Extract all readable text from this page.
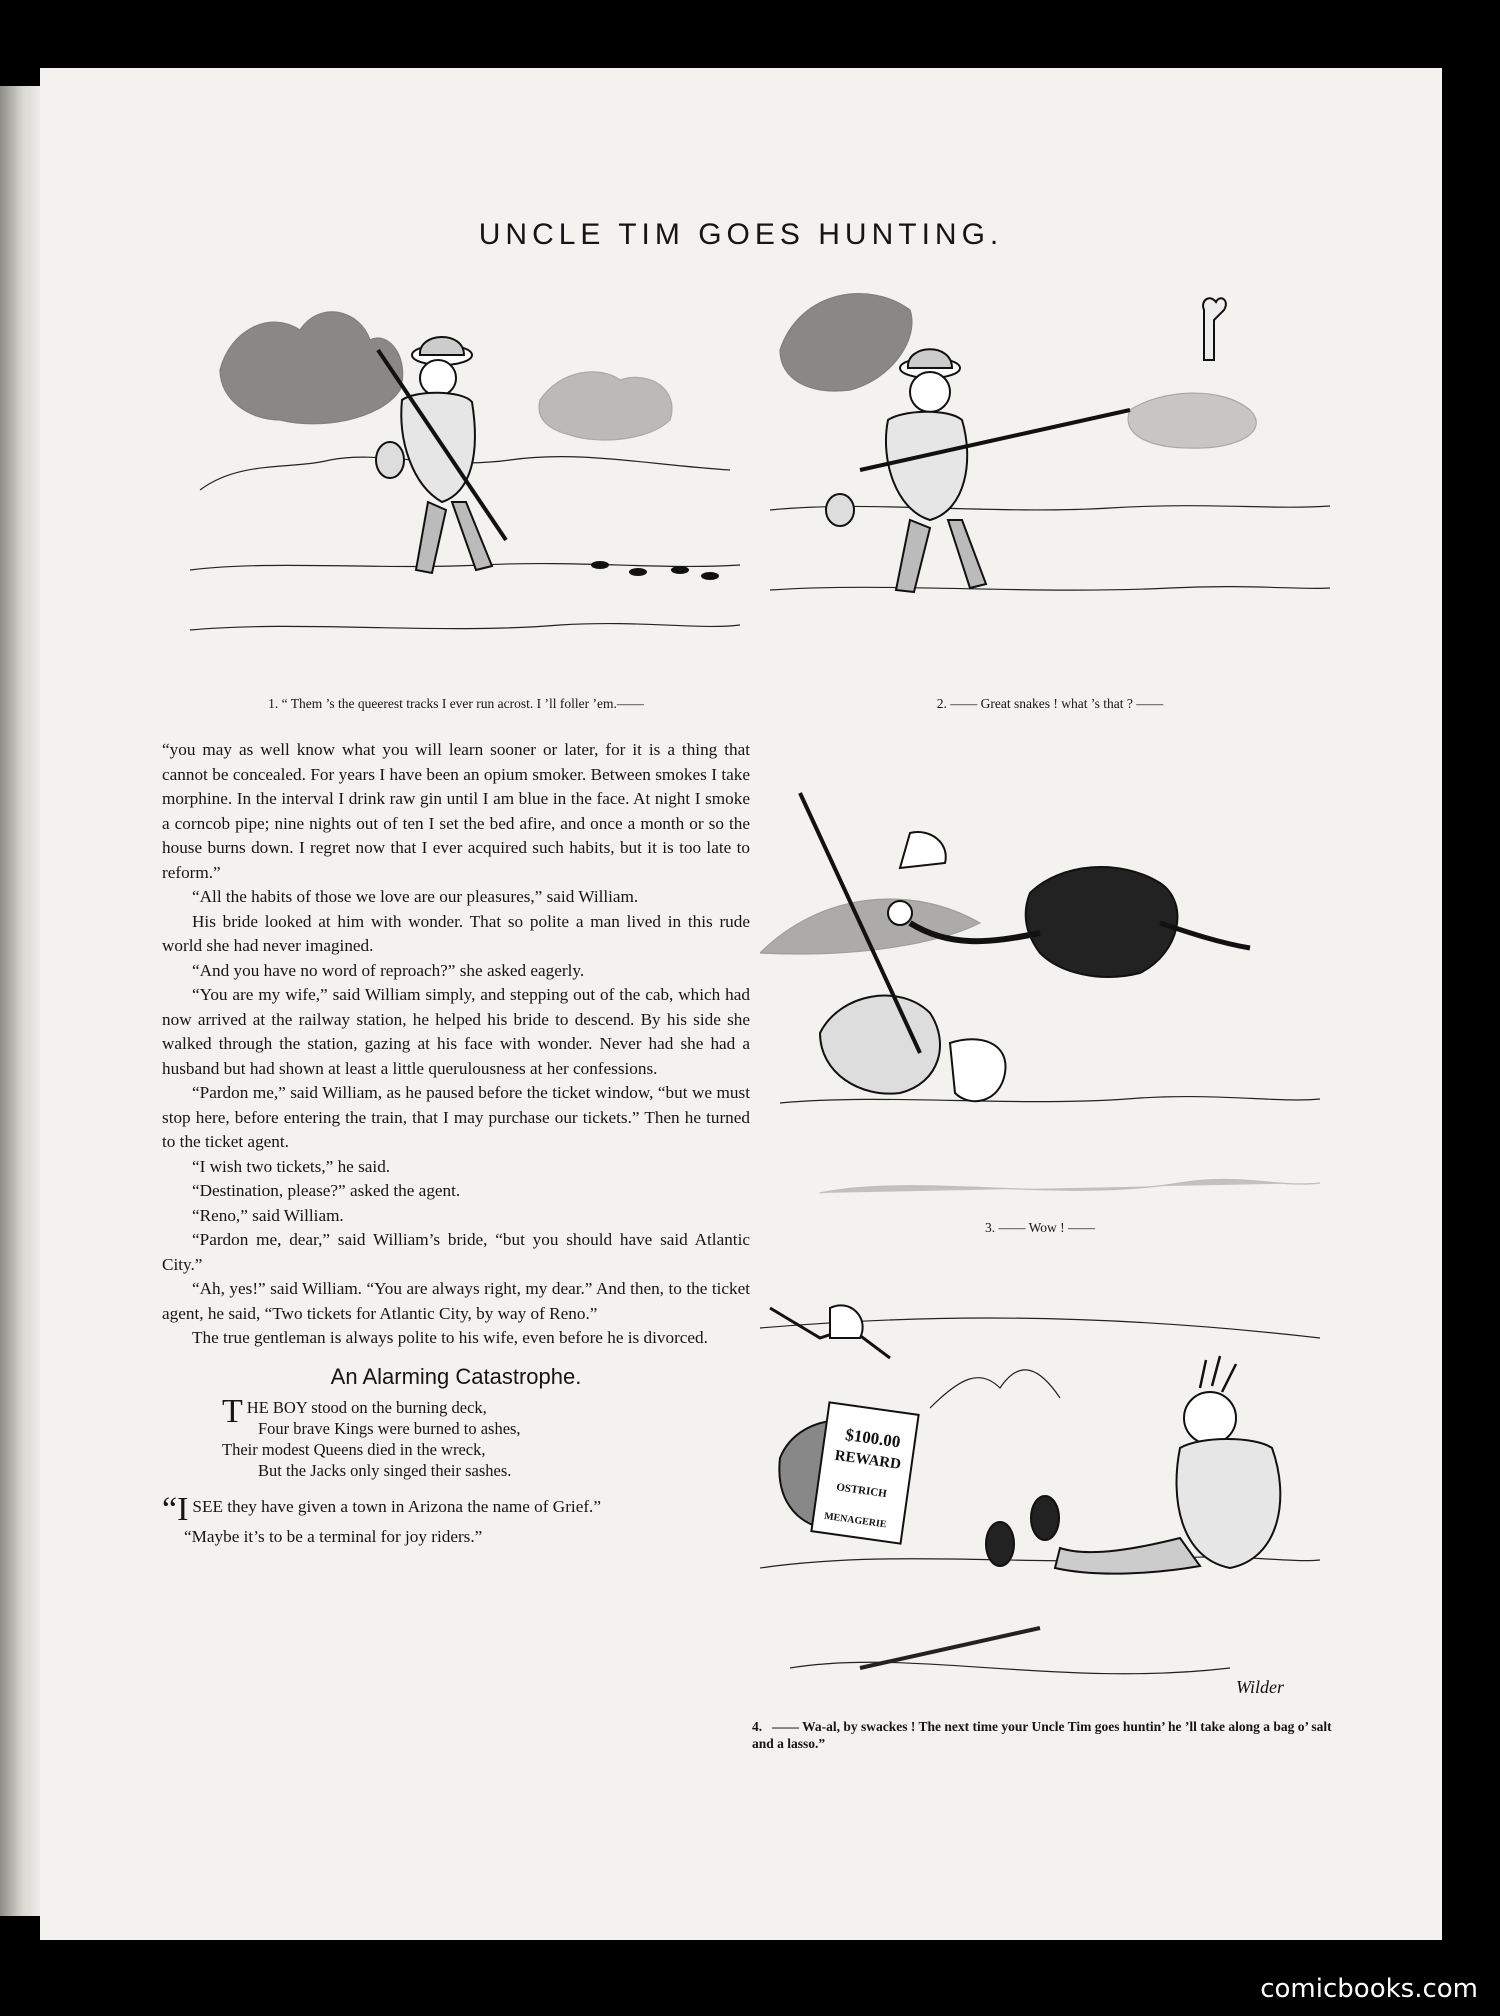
UNCLE TIM GOES HUNTING.
1. “ Them ’s the queerest tracks I ever run acrost. I ’ll foller ’em.——	2. —— Great snakes ! what ’s that ? ——
3. —— Wow ! ——
$100.00
REWARD
OSTRICH
MENAGERIE
Wilder
4. —— Wa-al, by swackes ! The next time your Uncle Tim goes huntin’ he ’ll take along a bag o’ salt and a lasso.”

“you may as well know what you will learn sooner or later, for it is a thing that cannot be concealed. For years I have been an opium smoker. Between smokes I take morphine. In the interval I drink raw gin until I am blue in the face. At night I smoke a corncob pipe; nine nights out of ten I set the bed afire, and once a month or so the house burns down. I regret now that I ever acquired such habits, but it is too late to reform.”

“All the habits of those we love are our pleasures,” said William.

His bride looked at him with wonder. That so polite a man lived in this rude world she had never imagined.

“And you have no word of reproach?” she asked eagerly.

“You are my wife,” said William simply, and stepping out of the cab, which had now arrived at the railway station, he helped his bride to descend. By his side she walked through the station, gazing at his face with wonder. Never had she had a husband but had shown at least a little querulousness at her confessions.

“Pardon me,” said William, as he paused before the ticket window, “but we must stop here, before entering the train, that I may purchase our tickets.” Then he turned to the ticket agent.

“I wish two tickets,” he said.

“Destination, please?” asked the agent.

“Reno,” said William.

“Pardon me, dear,” said William’s bride, “but you should have said Atlantic City.”

“Ah, yes!” said William. “You are always right, my dear.” And then, to the ticket agent, he said, “Two tickets for Atlantic City, by way of Reno.”

The true gentleman is always polite to his wife, even before he is divorced.

An Alarming Catastrophe.
T HE BOY stood on the burning deck,
Four brave Kings were burned to ashes,
Their modest Queens died in the wreck,
But the Jacks only singed their sashes.

“ISEE they have given a town in Arizona the name of Grief.”

“Maybe it’s to be a terminal for joy riders.”

comicbooks.com
